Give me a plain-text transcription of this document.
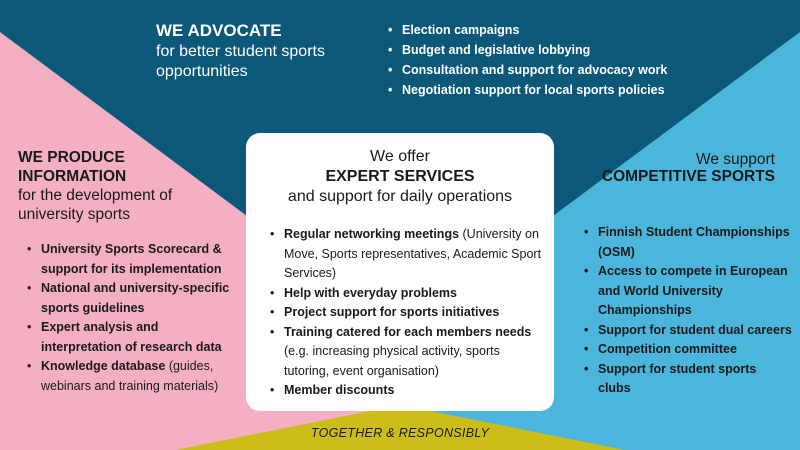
WE ADVOCATE
for better student sports opportunities
• Election campaigns
• Budget and legislative lobbying
• Consultation and support for advocacy work
• Negotiation support for local sports policies
WE PRODUCE INFORMATION
for the development of university sports
• University Sports Scorecard & support for its implementation
• National and university-specific sports guidelines
• Expert analysis and interpretation of research data
• Knowledge database (guides, webinars and training materials)
We offer
EXPERT SERVICES
and support for daily operations
• Regular networking meetings (University on Move, Sports representatives, Academic Sport Services)
• Help with everyday problems
• Project support for sports initiatives
• Training catered for each members needs (e.g. increasing physical activity, sports tutoring, event organisation)
• Member discounts
We support
COMPETITIVE SPORTS
• Finnish Student Championships (OSM)
• Access to compete in European and World University Championships
• Support for student dual careers
• Competition committee
• Support for student sports clubs
TOGETHER & RESPONSIBLY
